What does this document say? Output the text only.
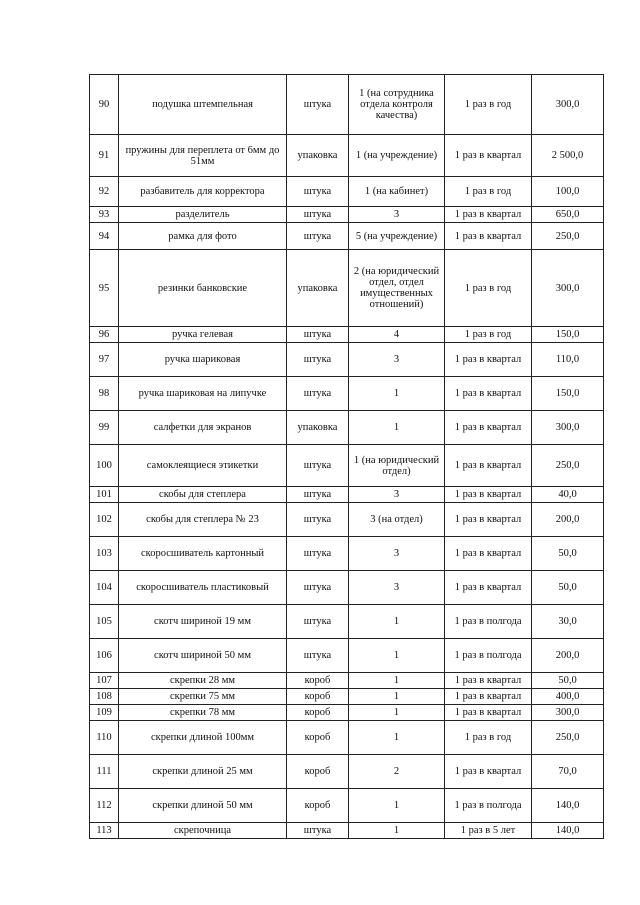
90	подушка штемпельная	штука	1 (на сотрудника отдела контроля качества)	1 раз в год	300,0
91	пружины для переплета от 6мм до 51мм	упаковка	1 (на учреждение)	1 раз в квартал	2 500,0
92	разбавитель для корректора	штука	1 (на кабинет)	1 раз в год	100,0
93	разделитель	штука	3	1 раз в квартал	650,0
94	рамка для фото	штука	5 (на учреждение)	1 раз в квартал	250,0
95	резинки банковские	упаковка	2 (на юридический отдел, отдел имущественных отношений)	1 раз в год	300,0
96	ручка гелевая	штука	4	1 раз в год	150,0
97	ручка шариковая	штука	3	1 раз в квартал	110,0
98	ручка шариковая на липучке	штука	1	1 раз в квартал	150,0
99	салфетки для экранов	упаковка	1	1 раз в квартал	300,0
100	самоклеящиеся этикетки	штука	1 (на юридический отдел)	1 раз в квартал	250,0
101	скобы для степлера	штука	3	1 раз в квартал	40,0
102	скобы для степлера № 23	штука	3 (на отдел)	1 раз в квартал	200,0
103	скоросшиватель картонный	штука	3	1 раз в квартал	50,0
104	скоросшиватель пластиковый	штука	3	1 раз в квартал	50,0
105	скотч шириной 19 мм	штука	1	1 раз в полгода	30,0
106	скотч шириной 50 мм	штука	1	1 раз в полгода	200,0
107	скрепки 28 мм	короб	1	1 раз в квартал	50,0
108	скрепки 75 мм	короб	1	1 раз в квартал	400,0
109	скрепки 78 мм	короб	1	1 раз в квартал	300,0
110	скрепки длиной 100мм	короб	1	1 раз в год	250,0
111	скрепки длиной 25 мм	короб	2	1 раз в квартал	70,0
112	скрепки длиной 50 мм	короб	1	1 раз в полгода	140,0
113	скрепочница	штука	1	1 раз в 5 лет	140,0
